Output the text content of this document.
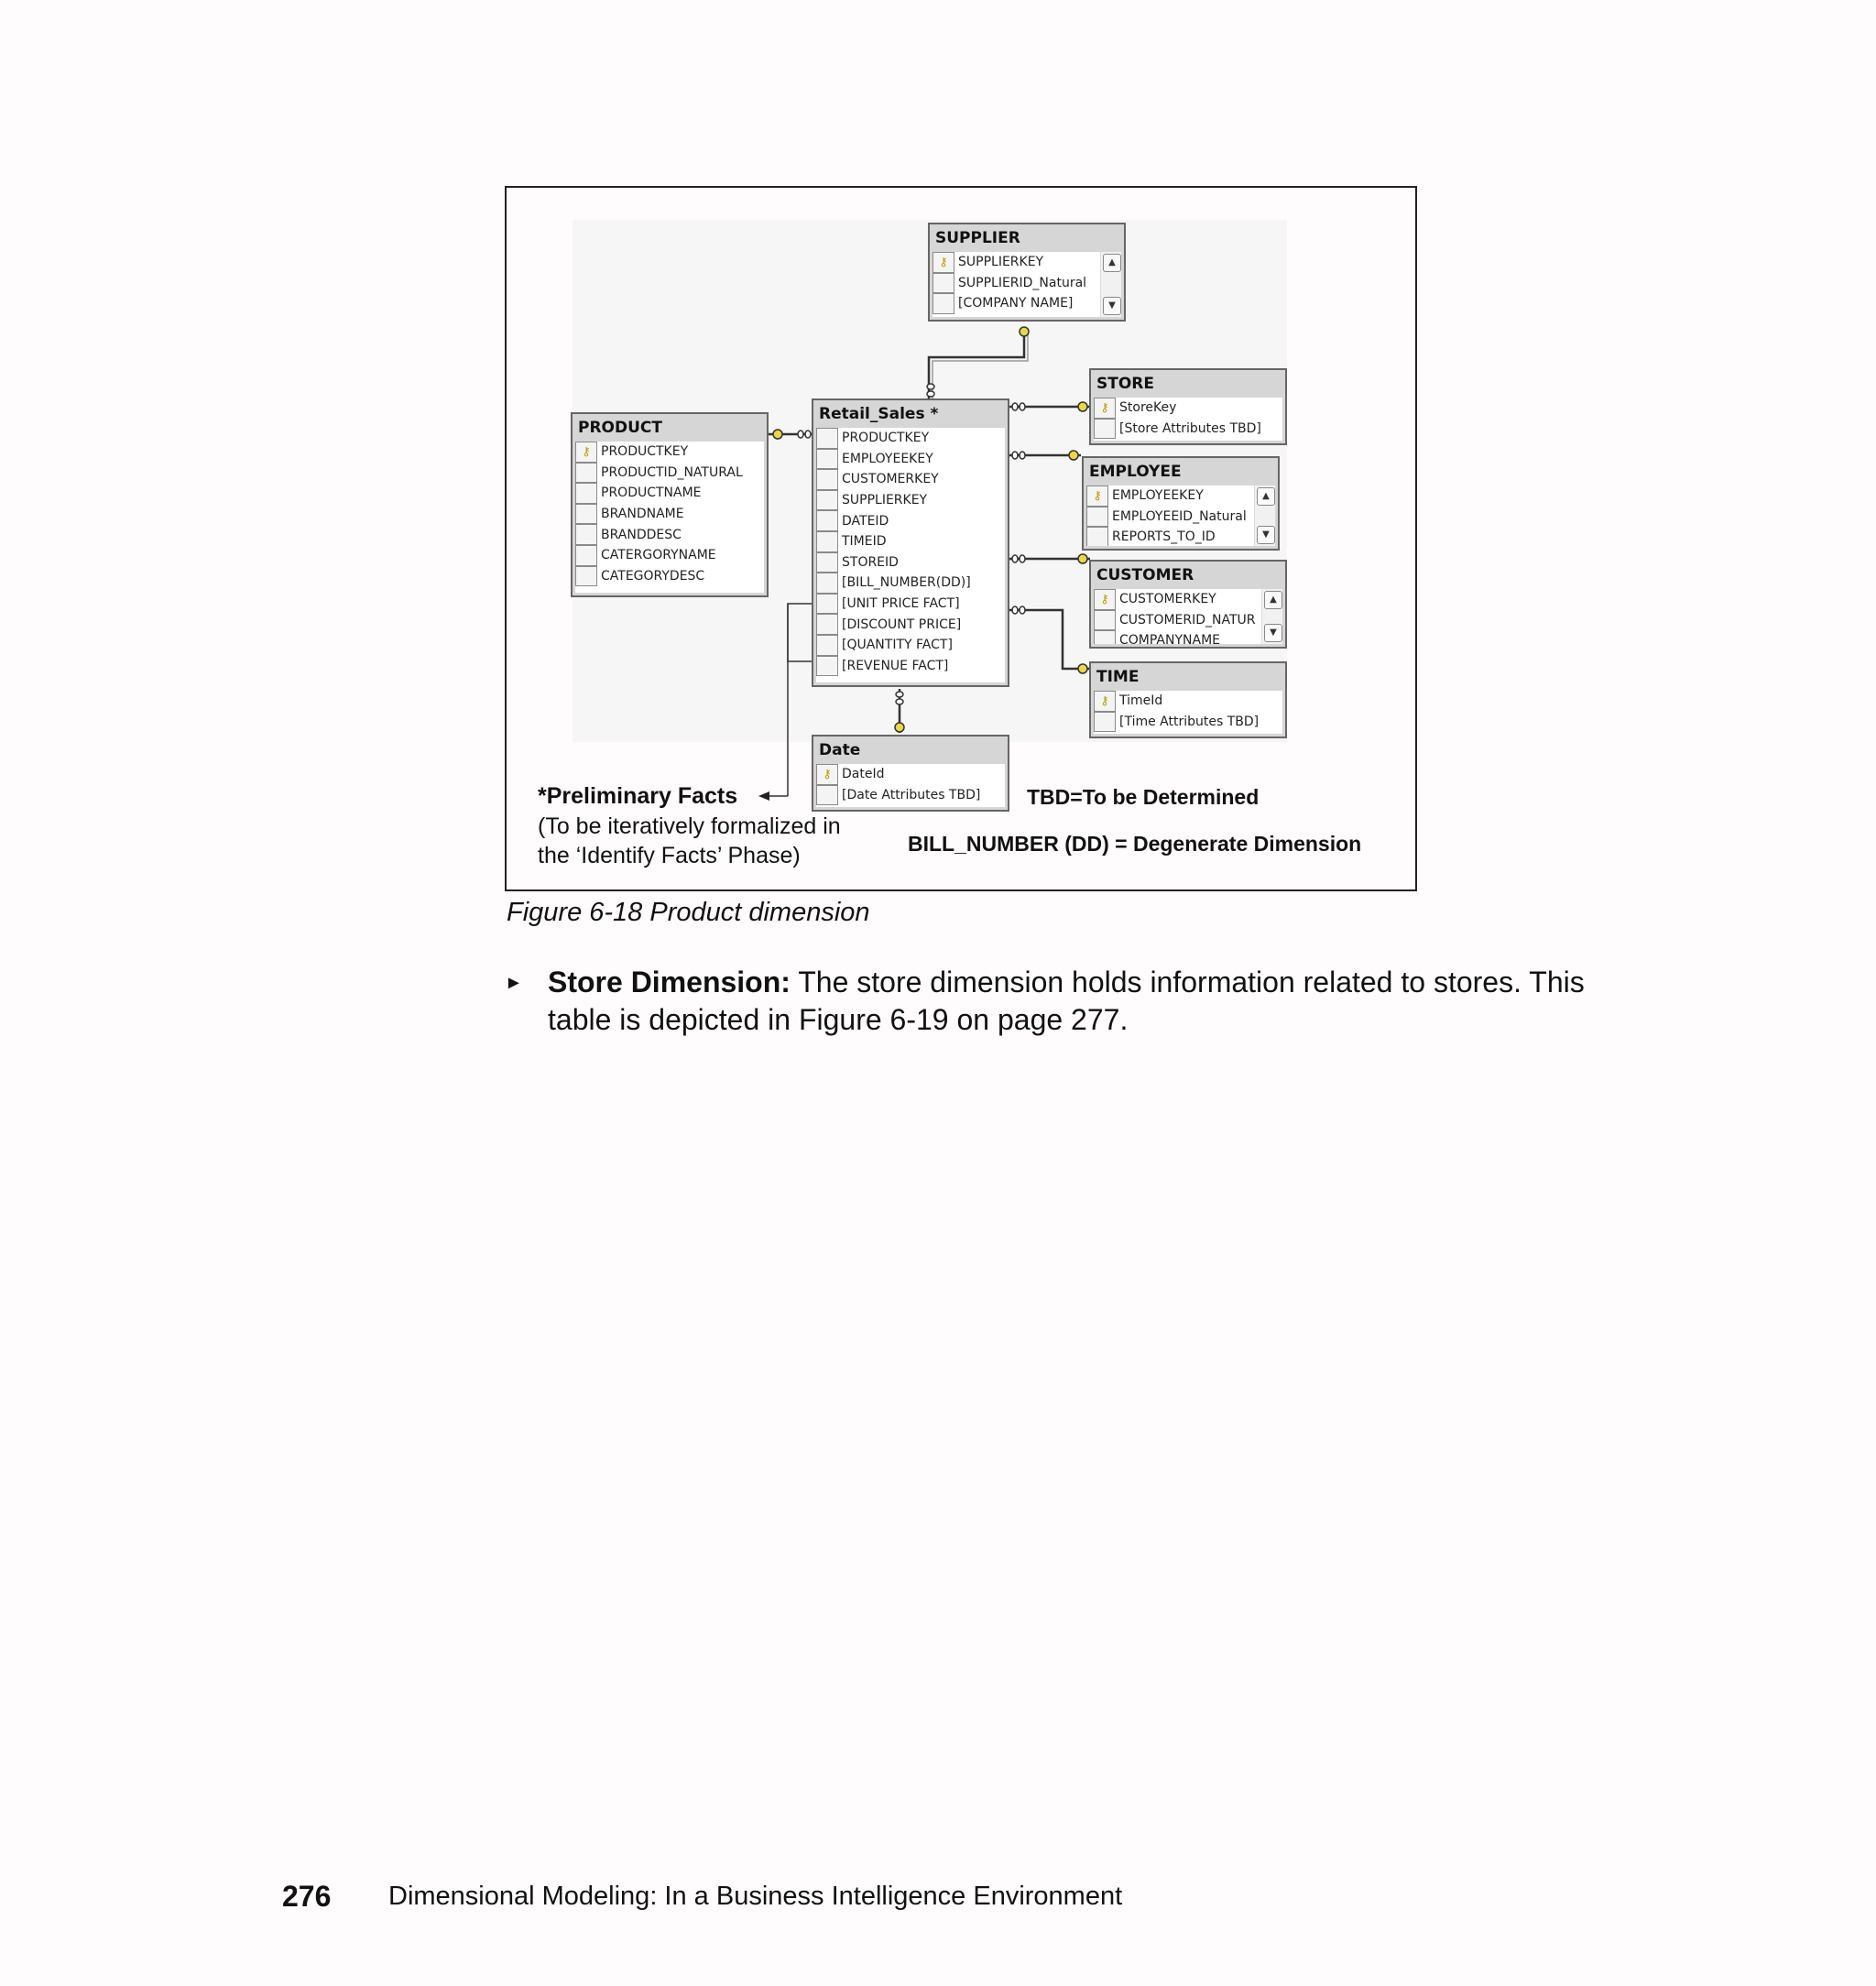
SUPPLIER
⚷ SUPPLIERKEY
SUPPLIERID_Natural
[COMPANY NAME]
▲
▼
STORE
⚷ StoreKey
[Store Attributes TBD]
PRODUCT
⚷ PRODUCTKEY
PRODUCTID_NATURAL
PRODUCTNAME
BRANDNAME
BRANDDESC
CATERGORYNAME
CATEGORYDESC
Retail_Sales *
PRODUCTKEY
EMPLOYEEKEY
CUSTOMERKEY
SUPPLIERKEY
DATEID
TIMEID
STOREID
[BILL_NUMBER(DD)]
[UNIT PRICE FACT]
[DISCOUNT PRICE]
[QUANTITY FACT]
[REVENUE FACT]
EMPLOYEE
⚷ EMPLOYEEKEY
EMPLOYEEID_Natural
REPORTS_TO_ID
▲
▼
CUSTOMER
⚷ CUSTOMERKEY
CUSTOMERID_NATUR
COMPANYNAME
▲
▼
TIME
⚷ TimeId
[Time Attributes TBD]
Date
⚷ DateId
[Date Attributes TBD]
*Preliminary Facts
(To be iteratively formalized in
the ‘Identify Facts’ Phase)
TBD=To be Determined
BILL_NUMBER (DD) = Degenerate Dimension
Figure 6-18 Product dimension
► Store Dimension: The store dimension holds information related to stores. This table is depicted in Figure 6-19 on page 277.
276 Dimensional Modeling: In a Business Intelligence Environment
